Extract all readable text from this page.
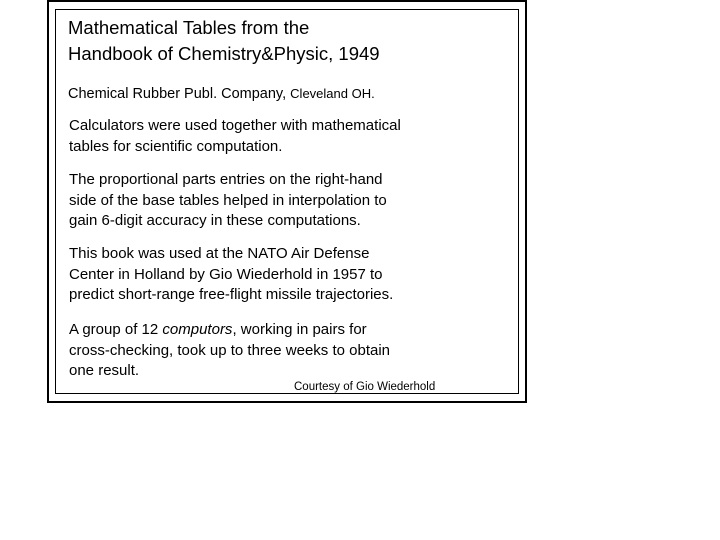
Mathematical Tables from the
Handbook of Chemistry&Physic, 1949
Chemical Rubber Publ. Company, Cleveland OH.
Calculators were used together with mathematical
tables for scientific computation.
The proportional parts entries on the right-hand
side of the base tables helped in interpolation to
gain 6-digit accuracy in these computations.
This book was used at the NATO Air Defense
Center in Holland by Gio Wiederhold in 1957 to
predict short-range free-flight missile trajectories.
A group of 12 computors, working in pairs for
cross-checking, took up to three weeks to obtain
one result.
Courtesy of Gio Wiederhold
